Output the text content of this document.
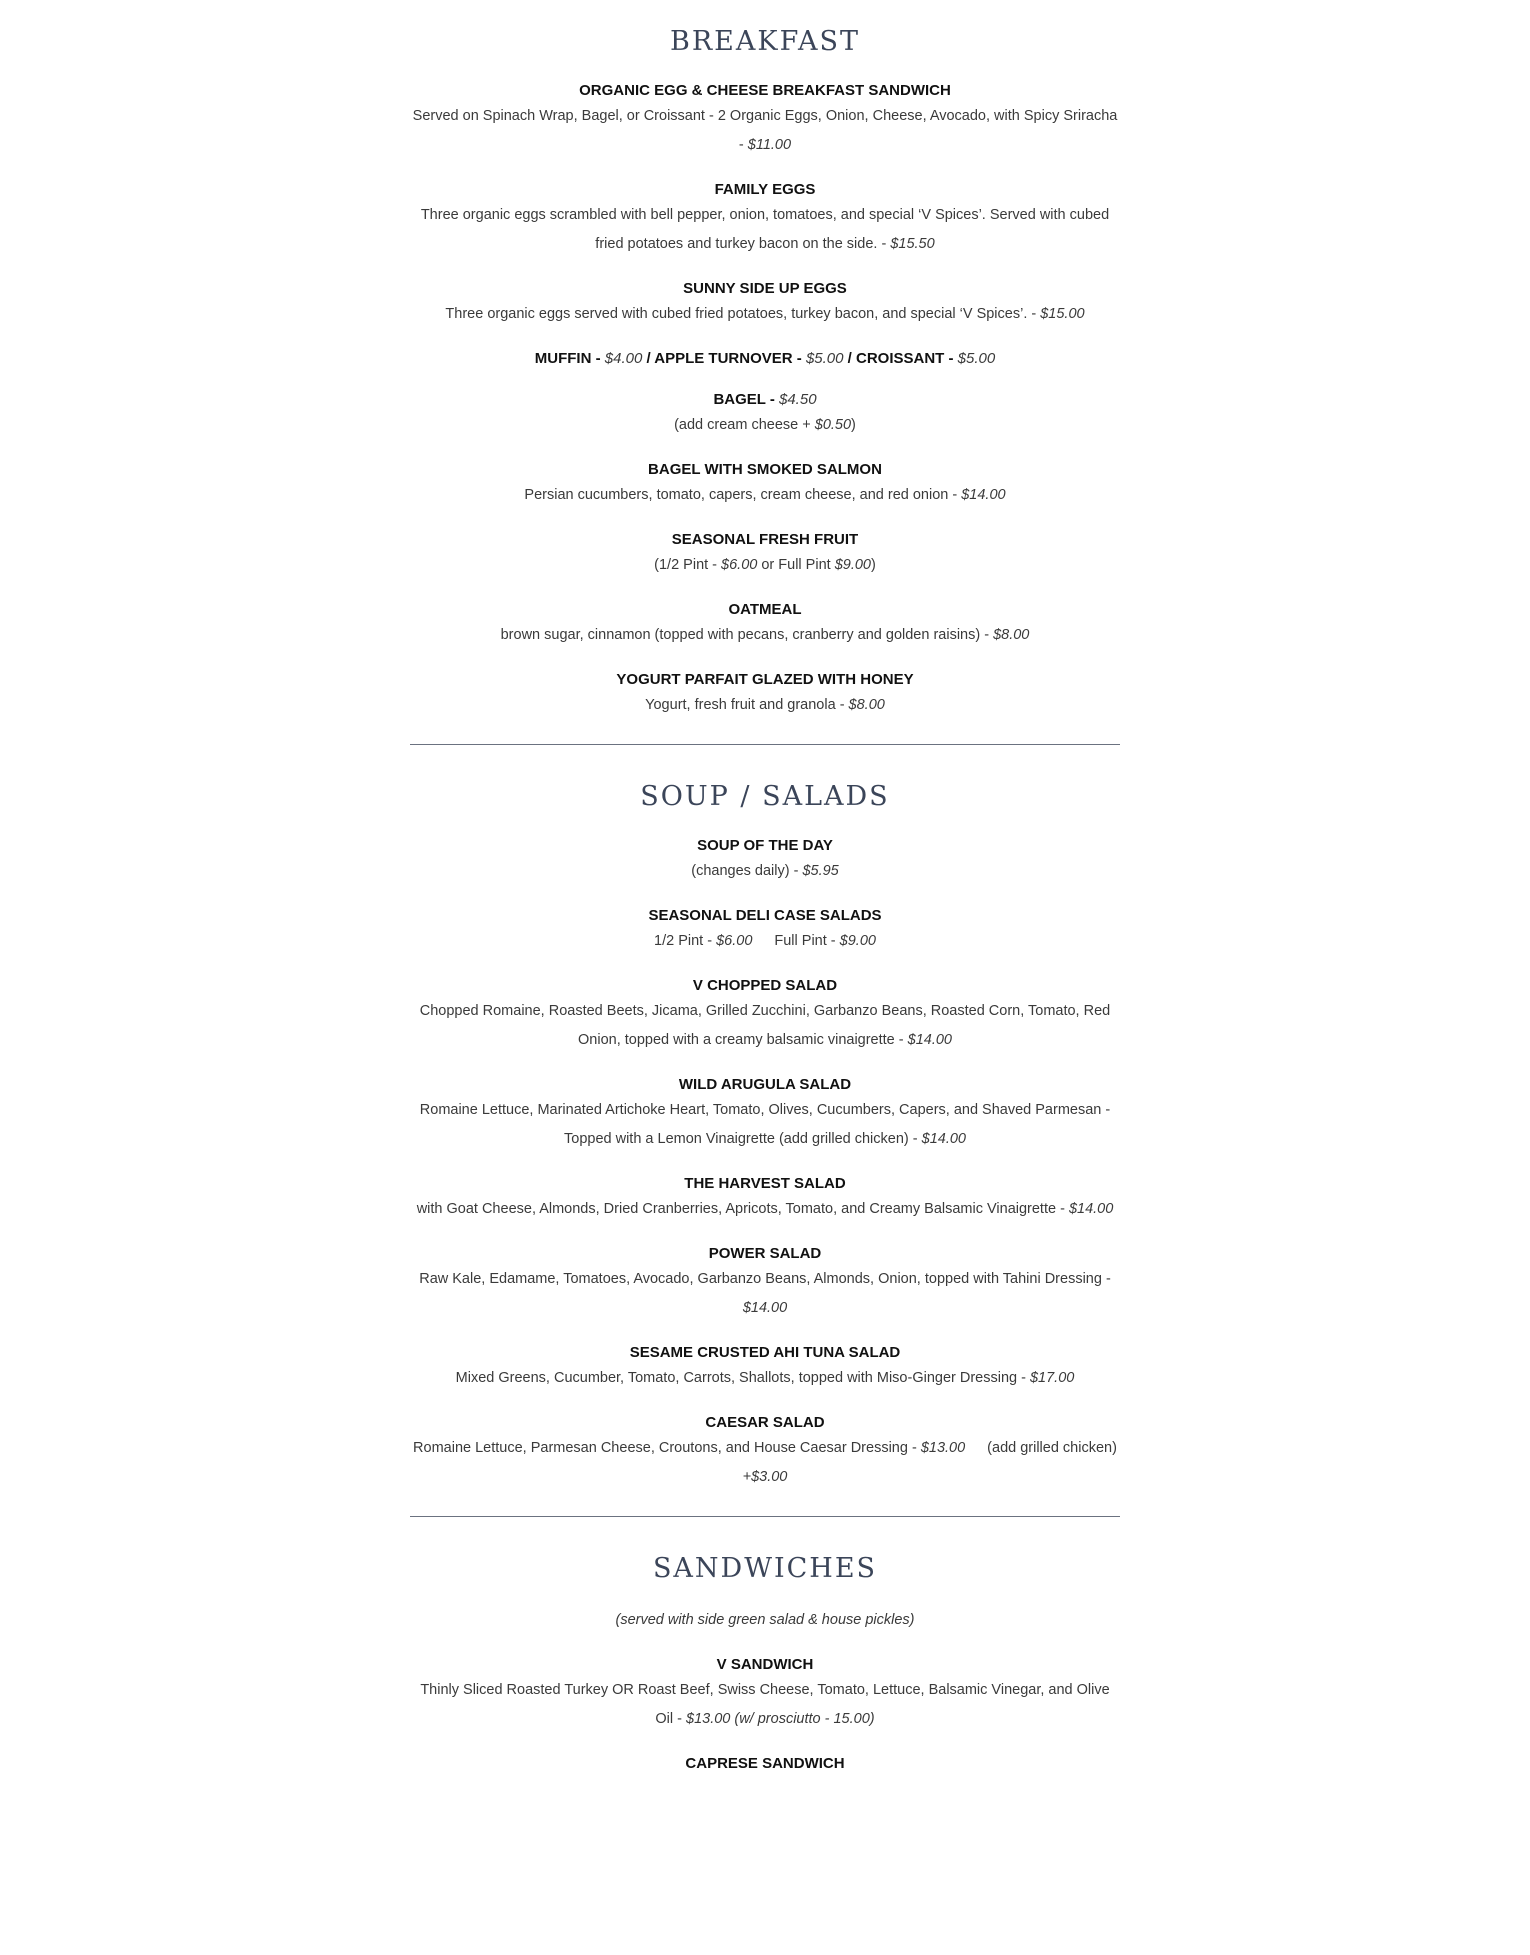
BREAKFAST
ORGANIC EGG & CHEESE BREAKFAST SANDWICH
Served on Spinach Wrap, Bagel, or Croissant - 2 Organic Eggs, Onion, Cheese, Avocado, with Spicy Sriracha - $11.00
FAMILY EGGS
Three organic eggs scrambled with bell pepper, onion, tomatoes, and special ‘V Spices’. Served with cubed fried potatoes and turkey bacon on the side. - $15.50
SUNNY SIDE UP EGGS
Three organic eggs served with cubed fried potatoes, turkey bacon, and special ‘V Spices’. - $15.00
MUFFIN - $4.00 / APPLE TURNOVER - $5.00 / CROISSANT - $5.00
BAGEL - $4.50
(add cream cheese + $0.50)
BAGEL WITH SMOKED SALMON
Persian cucumbers, tomato, capers, cream cheese, and red onion - $14.00
SEASONAL FRESH FRUIT
(1/2 Pint - $6.00 or Full Pint $9.00)
OATMEAL
brown sugar, cinnamon (topped with pecans, cranberry and golden raisins) - $8.00
YOGURT PARFAIT GLAZED WITH HONEY
Yogurt, fresh fruit and granola - $8.00
SOUP / SALADS
SOUP OF THE DAY
(changes daily) - $5.95
SEASONAL DELI CASE SALADS
1/2 Pint - $6.00 Full Pint - $9.00
V CHOPPED SALAD
Chopped Romaine, Roasted Beets, Jicama, Grilled Zucchini, Garbanzo Beans, Roasted Corn, Tomato, Red Onion, topped with a creamy balsamic vinaigrette - $14.00
WILD ARUGULA SALAD
Romaine Lettuce, Marinated Artichoke Heart, Tomato, Olives, Cucumbers, Capers, and Shaved Parmesan - Topped with a Lemon Vinaigrette (add grilled chicken) - $14.00
THE HARVEST SALAD
with Goat Cheese, Almonds, Dried Cranberries, Apricots, Tomato, and Creamy Balsamic Vinaigrette - $14.00
POWER SALAD
Raw Kale, Edamame, Tomatoes, Avocado, Garbanzo Beans, Almonds, Onion, topped with Tahini Dressing - $14.00
SESAME CRUSTED AHI TUNA SALAD
Mixed Greens, Cucumber, Tomato, Carrots, Shallots, topped with Miso-Ginger Dressing - $17.00
CAESAR SALAD
Romaine Lettuce, Parmesan Cheese, Croutons, and House Caesar Dressing - $13.00 (add grilled chicken) +$3.00
SANDWICHES
(served with side green salad & house pickles)
V SANDWICH
Thinly Sliced Roasted Turkey OR Roast Beef, Swiss Cheese, Tomato, Lettuce, Balsamic Vinegar, and Olive Oil - $13.00 (w/ prosciutto - 15.00)
CAPRESE SANDWICH
